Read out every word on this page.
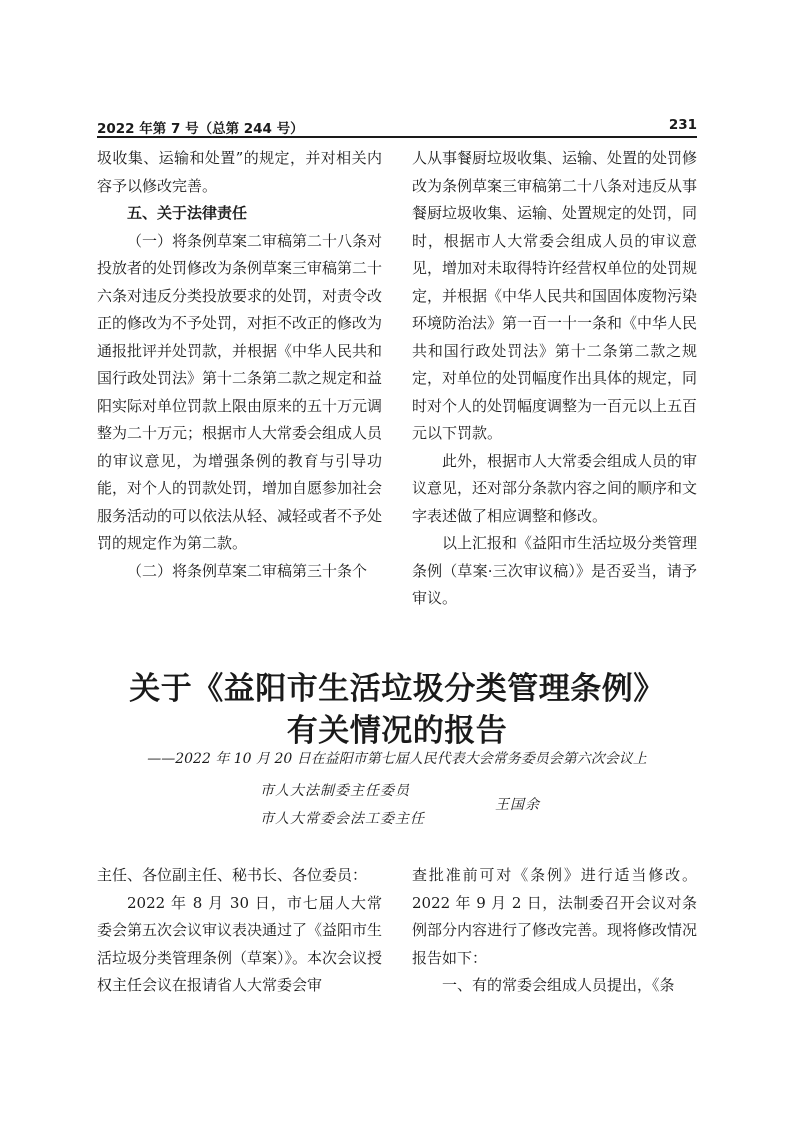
2022 年第 7 号（总第 244 号）	231

圾收集、运输和处置”的规定，并对相关内容予以修改完善。

五、关于法律责任

（一）将条例草案二审稿第二十八条对投放者的处罚修改为条例草案三审稿第二十六条对违反分类投放要求的处罚，对责令改正的修改为不予处罚，对拒不改正的修改为通报批评并处罚款，并根据《中华人民共和国行政处罚法》第十二条第二款之规定和益阳实际对单位罚款上限由原来的五十万元调整为二十万元；根据市人大常委会组成人员的审议意见，为增强条例的教育与引导功能，对个人的罚款处罚，增加自愿参加社会服务活动的可以依法从轻、减轻或者不予处罚的规定作为第二款。

（二）将条例草案二审稿第三十条个

人从事餐厨垃圾收集、运输、处置的处罚修改为条例草案三审稿第二十八条对违反从事餐厨垃圾收集、运输、处置规定的处罚，同时，根据市人大常委会组成人员的审议意见，增加对未取得特许经营权单位的处罚规定，并根据《中华人民共和国固体废物污染环境防治法》第一百一十一条和《中华人民共和国行政处罚法》第十二条第二款之规定，对单位的处罚幅度作出具体的规定，同时对个人的处罚幅度调整为一百元以上五百元以下罚款。

此外，根据市人大常委会组成人员的审议意见，还对部分条款内容之间的顺序和文字表述做了相应调整和修改。

以上汇报和《益阳市生活垃圾分类管理条例（草案·三次审议稿）》是否妥当，请予审议。

关于《益阳市生活垃圾分类管理条例》
有关情况的报告
——2022 年 10 月 20 日在益阳市第七届人民代表大会常务委员会第六次会议上
市人大法制委主任委员
市人大常委会法工委主任
王国余

主任、各位副主任、秘书长、各位委员：

2022 年 8 月 30 日，市七届人大常委会第五次会议审议表决通过了《益阳市生活垃圾分类管理条例（草案）》。本次会议授权主任会议在报请省人大常委会审

查批准前可对《条例》进行适当修改。2022 年 9 月 2 日，法制委召开会议对条例部分内容进行了修改完善。现将修改情况报告如下：

一、有的常委会组成人员提出，《条
